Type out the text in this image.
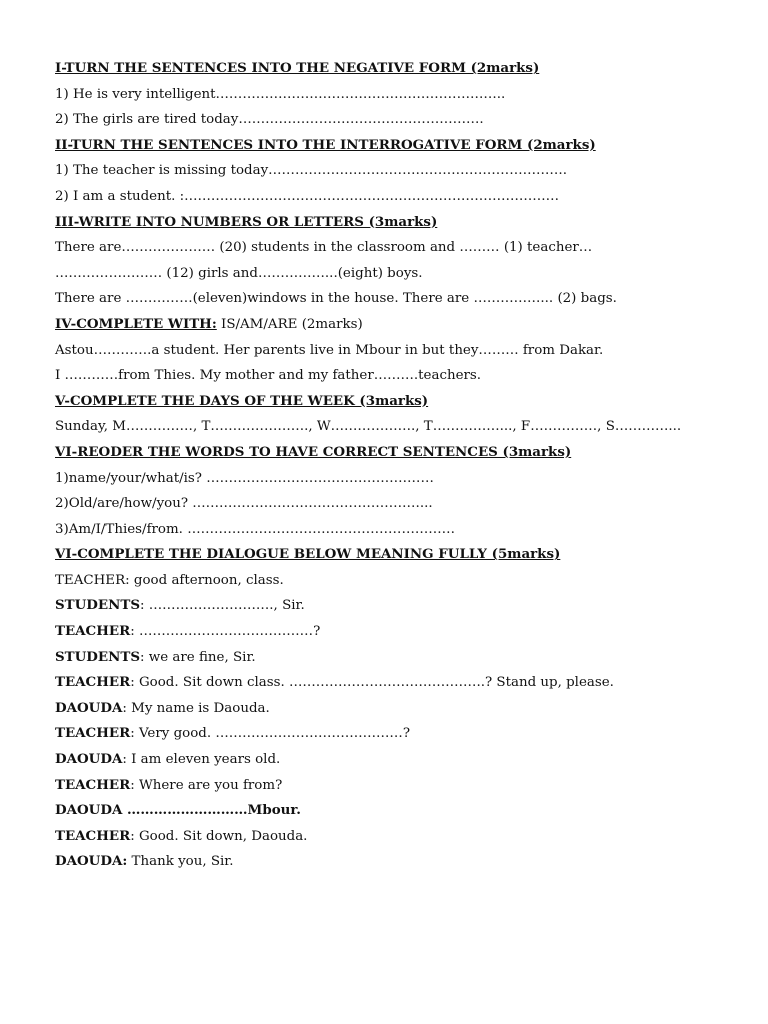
I-TURN THE SENTENCES INTO THE NEGATIVE FORM (2marks)
1) He is very intelligent………………………………………………………..
2) The girls are tired today……………………………………………….
II-TURN THE SENTENCES INTO THE INTERROGATIVE FORM (2marks)
1) The teacher is missing today………………………………………………………….
2) I am a student. :…………………………………………………………………………
III-WRITE INTO NUMBERS OR LETTERS (3marks)
There are………………… (20) students in the classroom and ……… (1) teacher…
…………………… (12) girls and……………...(eight) boys.
There are ……………(eleven)windows in the house. There are ……………... (2) bags.
IV-COMPLETE WITH: IS/AM/ARE (2marks)
Astou………….a student. Her parents live in Mbour in but they……… from Dakar.
I …………from Thies. My mother and my father……….teachers.
V-COMPLETE THE DAYS OF THE WEEK (3marks)
Sunday, M……………, T…………………., W………………., T……………..., F……………, S…………...
VI-REODER THE WORDS TO HAVE CORRECT SENTENCES (3marks)
1)name/your/what/is? ……………………………………………
2)Old/are/how/you? ……………………………………………...
3)Am/I/Thies/from. ……………………………………………………
VI-COMPLETE THE DIALOGUE BELOW MEANING FULLY (5marks)
TEACHER: good afternoon, class.
STUDENTS: ………………………., Sir.
TEACHER: …………………………………?
STUDENTS: we are fine, Sir.
TEACHER: Good. Sit down class. ……………………………………..? Stand up, please.
DAOUDA: My name is Daouda.
TEACHER: Very good. ……………………………………?
DAOUDA: I am eleven years old.
TEACHER: Where are you from?
DAOUDA ………………………Mbour.
TEACHER: Good. Sit down, Daouda.
DAOUDA: Thank you, Sir.
